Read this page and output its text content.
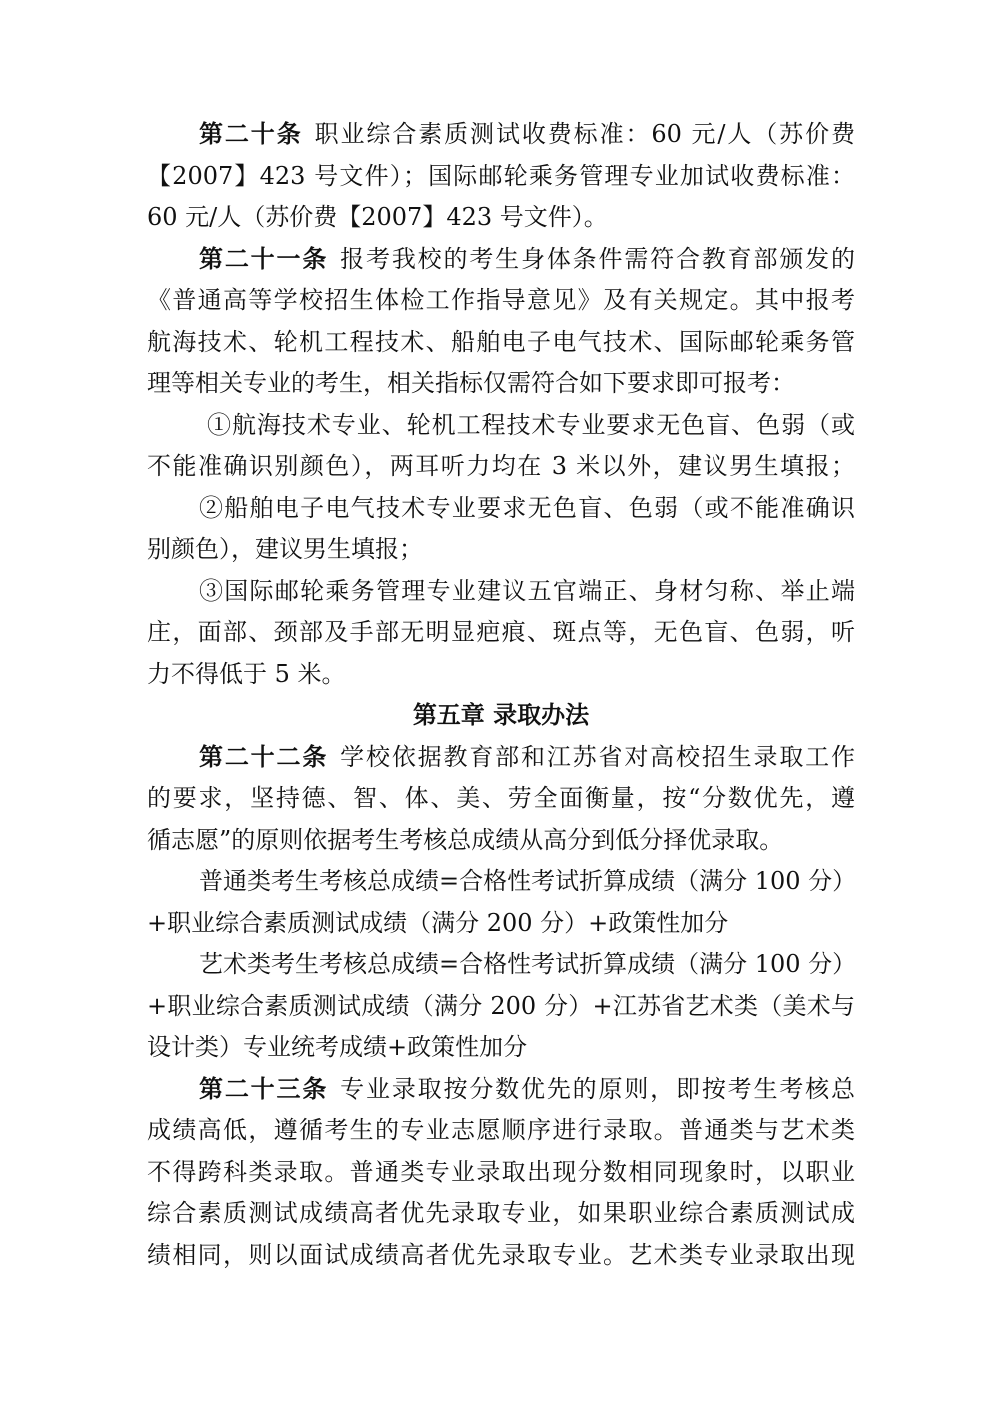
第二十条 职业综合素质测试收费标准：60 元/人（苏价费
【2007】423 号文件）；国际邮轮乘务管理专业加试收费标准：
60 元/人（苏价费【2007】423 号文件）。
第二十一条 报考我校的考生身体条件需符合教育部颁发的
《普通高等学校招生体检工作指导意见》及有关规定。其中报考
航海技术、轮机工程技术、船舶电子电气技术、国际邮轮乘务管
理等相关专业的考生，相关指标仅需符合如下要求即可报考：
①航海技术专业、轮机工程技术专业要求无色盲、色弱（或
不能准确识别颜色），两耳听力均在 3 米以外，建议男生填报；
②船舶电子电气技术专业要求无色盲、色弱（或不能准确识
别颜色），建议男生填报；
③国际邮轮乘务管理专业建议五官端正、身材匀称、举止端
庄，面部、颈部及手部无明显疤痕、斑点等，无色盲、色弱，听
力不得低于 5 米。
第五章 录取办法
第二十二条 学校依据教育部和江苏省对高校招生录取工作
的要求，坚持德、智、体、美、劳全面衡量，按“分数优先，遵
循志愿”的原则依据考生考核总成绩从高分到低分择优录取。
普通类考生考核总成绩=合格性考试折算成绩（满分 100 分）
+职业综合素质测试成绩（满分 200 分）+政策性加分
艺术类考生考核总成绩=合格性考试折算成绩（满分 100 分）
+职业综合素质测试成绩（满分 200 分）+江苏省艺术类（美术与
设计类）专业统考成绩+政策性加分
第二十三条 专业录取按分数优先的原则，即按考生考核总
成绩高低，遵循考生的专业志愿顺序进行录取。普通类与艺术类
不得跨科类录取。普通类专业录取出现分数相同现象时，以职业
综合素质测试成绩高者优先录取专业，如果职业综合素质测试成
绩相同，则以面试成绩高者优先录取专业。艺术类专业录取出现
